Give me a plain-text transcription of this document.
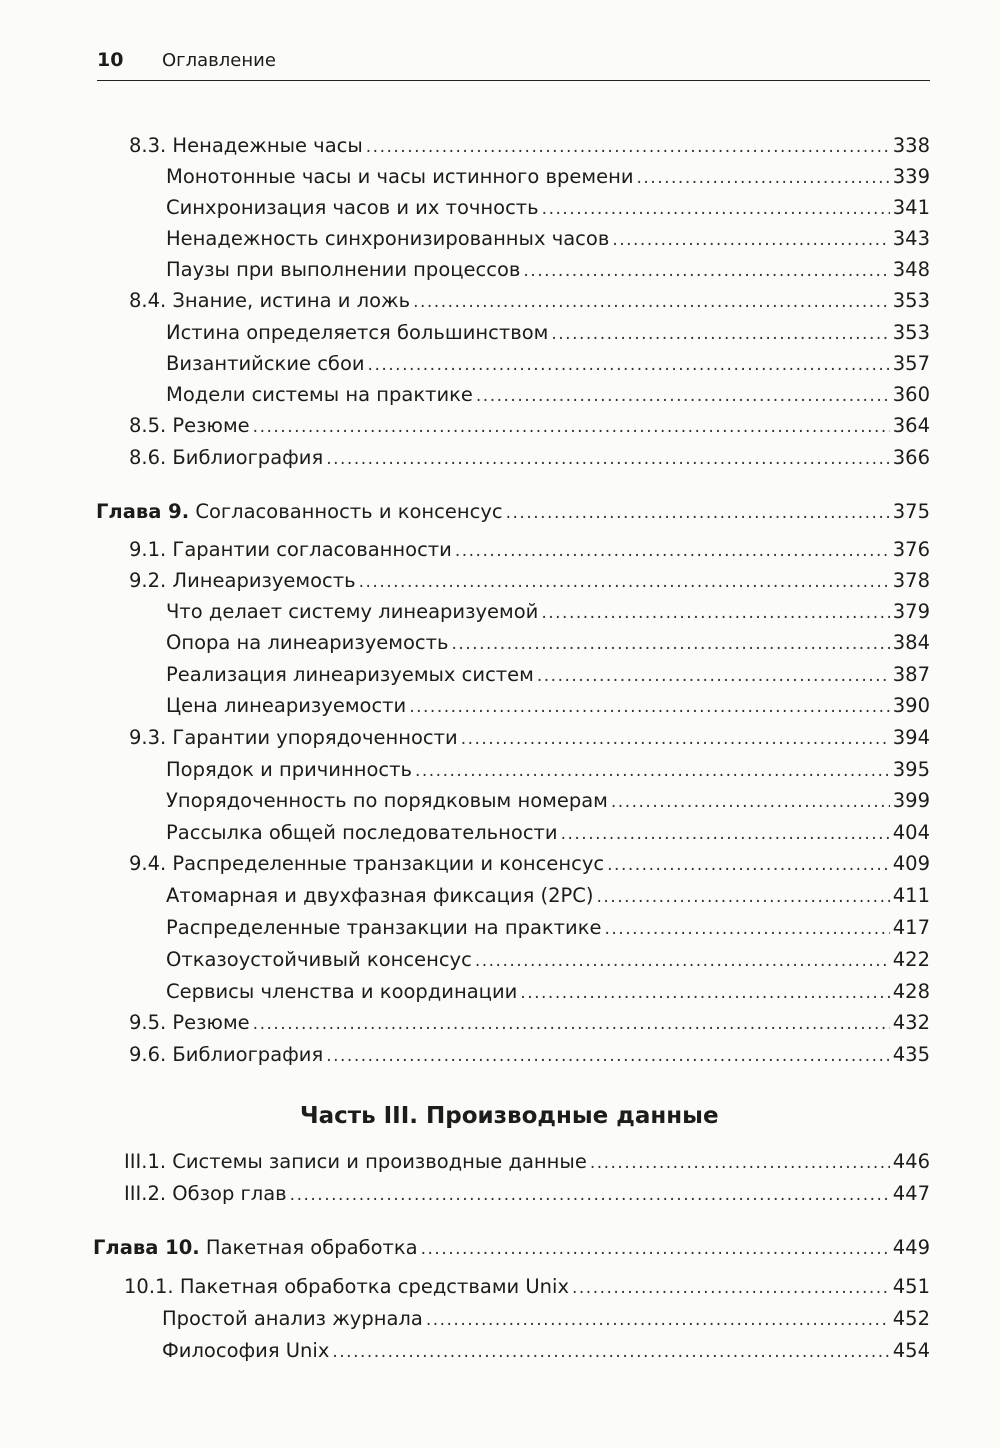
10 Оглавление
8.3. Ненадежные часы .....	338
Монотонные часы и часы истинного времени .....	339
Синхронизация часов и их точность .....	341
Ненадежность синхронизированных часов .....	343
Паузы при выполнении процессов .....	348
8.4. Знание, истина и ложь .....	353
Истина определяется большинством .....	353
Византийские сбои .....	357
Модели системы на практике .....	360
8.5. Резюме .....	364
8.6. Библиография .....	366
Глава 9. Согласованность и консенсус .....	375
9.1. Гарантии согласованности .....	376
9.2. Линеаризуемость .....	378
Что делает систему линеаризуемой .....	379
Опора на линеаризуемость .....	384
Реализация линеаризуемых систем .....	387
Цена линеаризуемости .....	390
9.3. Гарантии упорядоченности .....	394
Порядок и причинность .....	395
Упорядоченность по порядковым номерам .....	399
Рассылка общей последовательности .....	404
9.4. Распределенные транзакции и консенсус .....	409
Атомарная и двухфазная фиксация (2PC) .....	411
Распределенные транзакции на практике .....	417
Отказоустойчивый консенсус .....	422
Сервисы членства и координации .....	428
9.5. Резюме .....	432
9.6. Библиография .....	435
Часть III. Производные данные
III.1. Системы записи и производные данные .....	446
III.2. Обзор глав .....	447
Глава 10. Пакетная обработка .....	449
10.1. Пакетная обработка средствами Unix .....	451
Простой анализ журнала .....	452
Философия Unix .....	454
